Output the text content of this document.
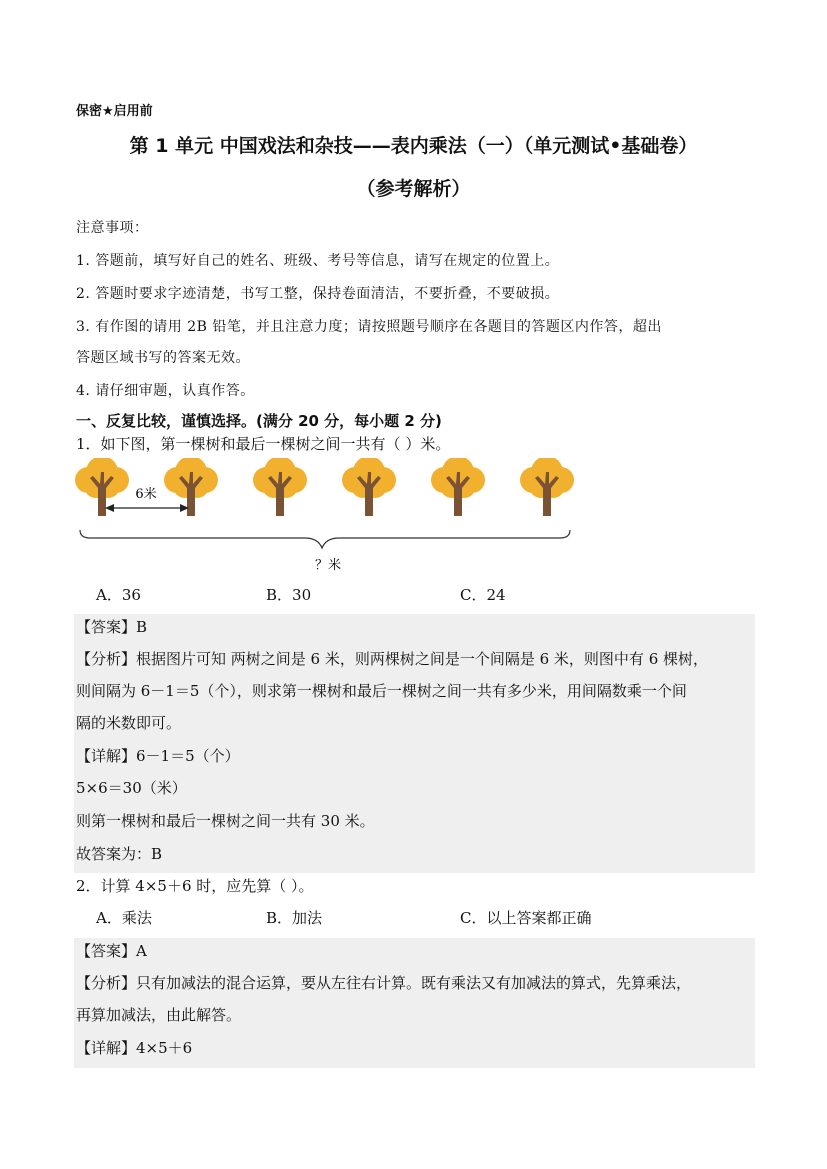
保密★启用前
第 1 单元 中国戏法和杂技——表内乘法（一）（单元测试•基础卷）
（参考解析）
注意事项：
1. 答题前，填写好自己的姓名、班级、考号等信息，请写在规定的位置上。
2. 答题时要求字迹清楚，书写工整，保持卷面清洁，不要折叠，不要破损。
3. 有作图的请用 2B 铅笔，并且注意力度；请按照题号顺序在各题目的答题区内作答，超出
答题区域书写的答案无效。
4. 请仔细审题，认真作答。
一、反复比较，谨慎选择。(满分 20 分，每小题 2 分)
1．如下图，第一棵树和最后一棵树之间一共有（ ）米。
6米
？米
A．36	B．30	C．24
【答案】B
【分析】根据图片可知 两树之间是 6 米，则两棵树之间是一个间隔是 6 米，则图中有 6 棵树，
则间隔为 6－1＝5（个），则求第一棵树和最后一棵树之间一共有多少米，用间隔数乘一个间
隔的米数即可。
【详解】6－1＝5（个）
5×6＝30（米）
则第一棵树和最后一棵树之间一共有 30 米。
故答案为：B
2．计算 4×5＋6 时，应先算（ ）。
A．乘法	B．加法	C．以上答案都正确
【答案】A
【分析】只有加减法的混合运算，要从左往右计算。既有乘法又有加减法的算式，先算乘法，
再算加减法，由此解答。
【详解】4×5＋6
